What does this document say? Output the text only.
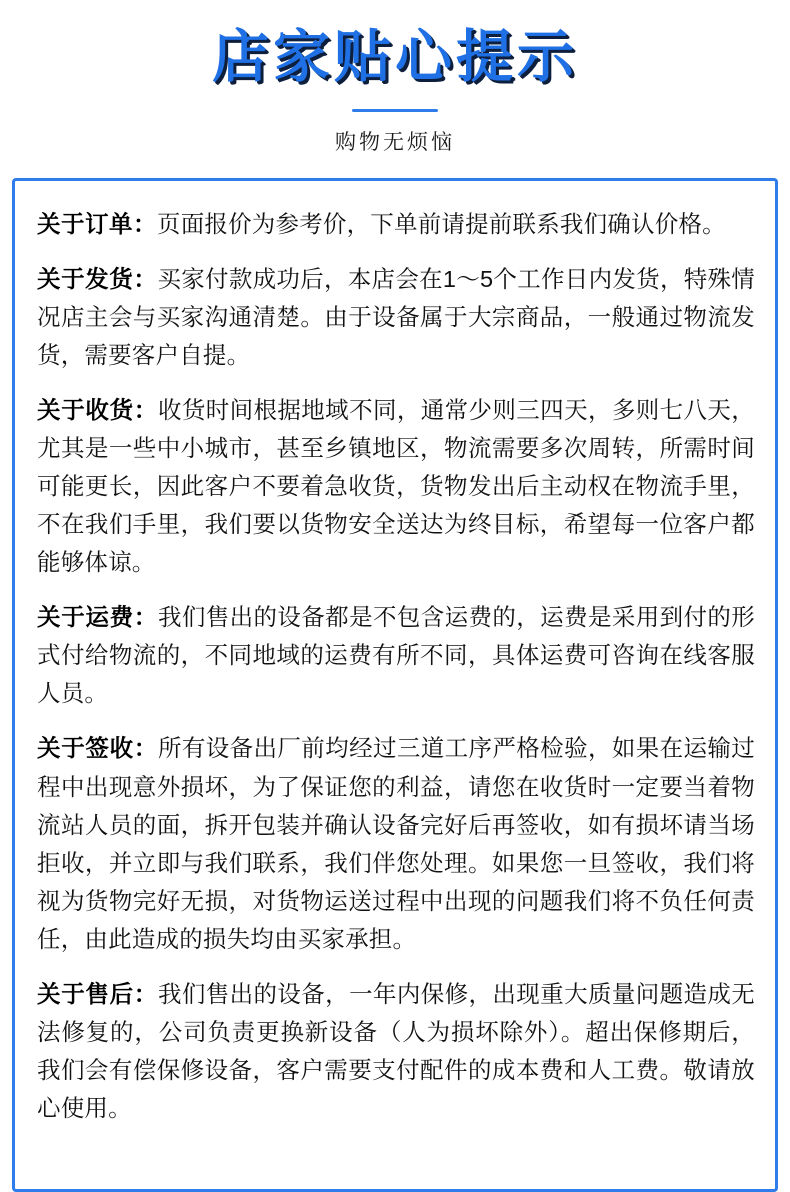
店家贴心提示

购物无烦恼

关于订单：页面报价为参考价，下单前请提前联系我们确认价格。

关于发货：买家付款成功后，本店会在1～5个工作日内发货，特殊情况店主会与买家沟通清楚。由于设备属于大宗商品，一般通过物流发货，需要客户自提。

关于收货：收货时间根据地域不同，通常少则三四天，多则七八天，尤其是一些中小城市，甚至乡镇地区，物流需要多次周转，所需时间可能更长，因此客户不要着急收货，货物发出后主动权在物流手里，不在我们手里，我们要以货物安全送达为终目标，希望每一位客户都能够体谅。

关于运费：我们售出的设备都是不包含运费的，运费是采用到付的形式付给物流的，不同地域的运费有所不同，具体运费可咨询在线客服人员。

关于签收：所有设备出厂前均经过三道工序严格检验，如果在运输过程中出现意外损坏，为了保证您的利益，请您在收货时一定要当着物流站人员的面，拆开包装并确认设备完好后再签收，如有损坏请当场拒收，并立即与我们联系，我们伴您处理。如果您一旦签收，我们将视为货物完好无损，对货物运送过程中出现的问题我们将不负任何责任，由此造成的损失均由买家承担。

关于售后：我们售出的设备，一年内保修，出现重大质量问题造成无法修复的，公司负责更换新设备（人为损坏除外）。超出保修期后，我们会有偿保修设备，客户需要支付配件的成本费和人工费。敬请放心使用。
